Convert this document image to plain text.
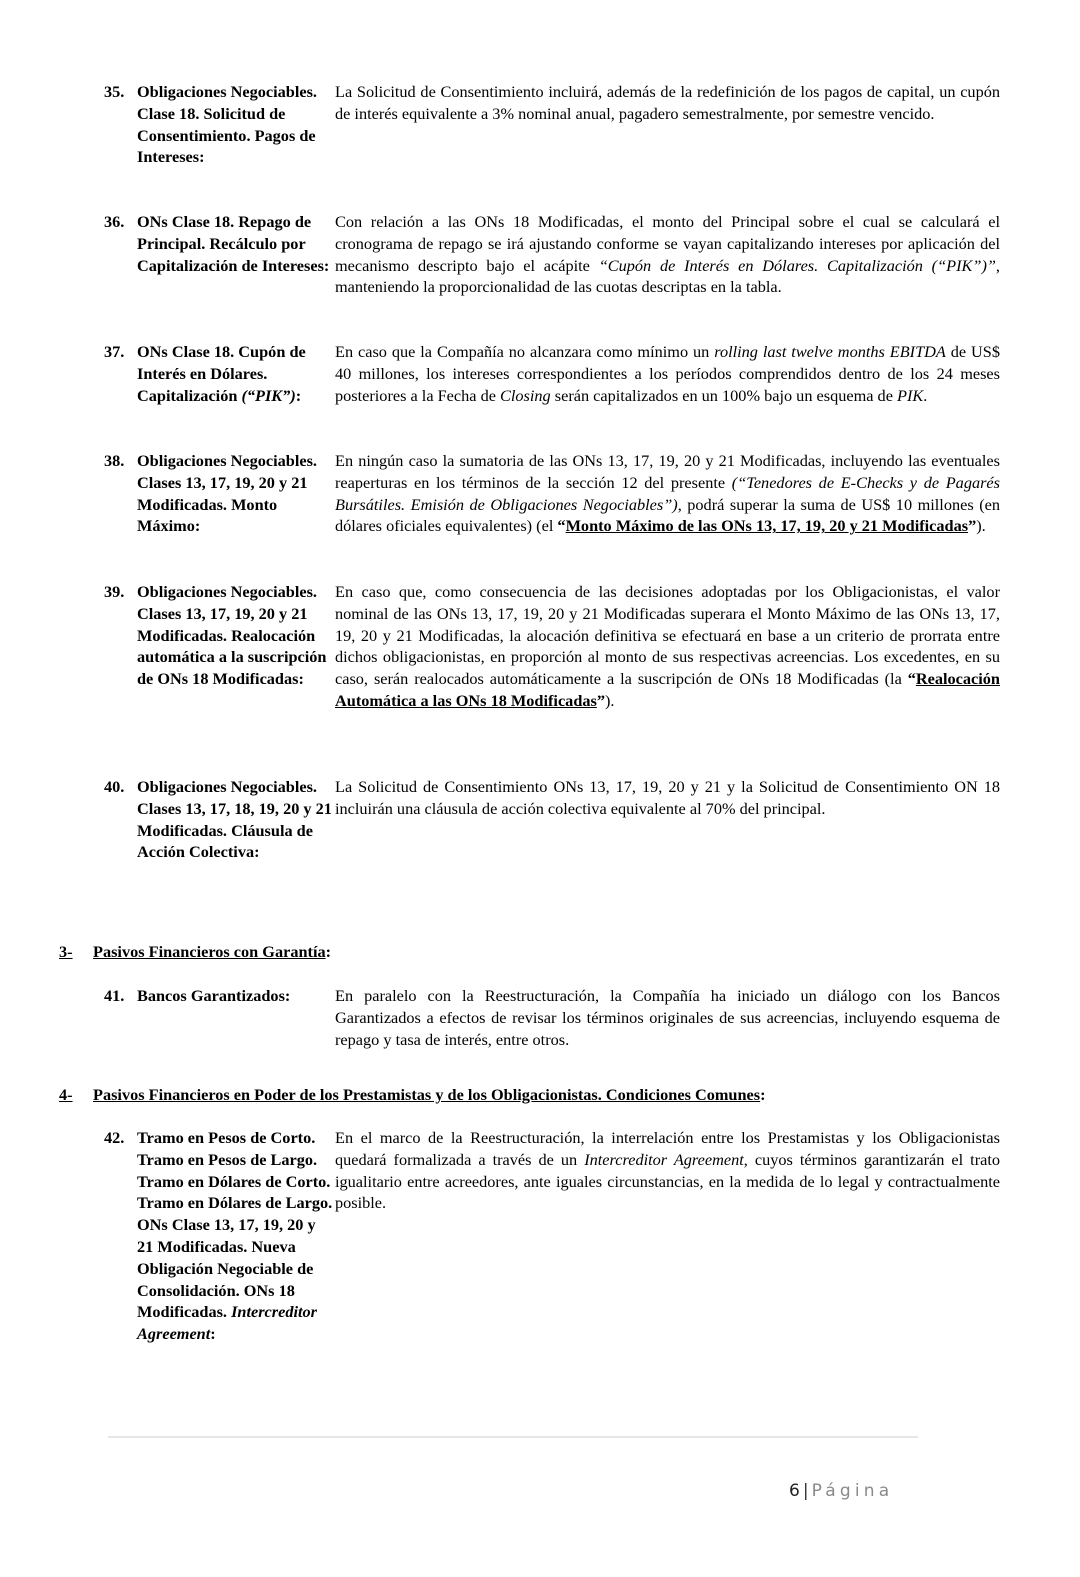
35. Obligaciones Negociables. Clase 18. Solicitud de Consentimiento. Pagos de Intereses:
La Solicitud de Consentimiento incluirá, además de la redefinición de los pagos de capital, un cupón de interés equivalente a 3% nominal anual, pagadero semestralmente, por semestre vencido.
36. ONs Clase 18. Repago de Principal. Recálculo por Capitalización de Intereses:
Con relación a las ONs 18 Modificadas, el monto del Principal sobre el cual se calculará el cronograma de repago se irá ajustando conforme se vayan capitalizando intereses por aplicación del mecanismo descripto bajo el acápite “Cupón de Interés en Dólares. Capitalización (“PIK”)”, manteniendo la proporcionalidad de las cuotas descriptas en la tabla.
37. ONs Clase 18. Cupón de Interés en Dólares. Capitalización (“PIK”):
En caso que la Compañía no alcanzara como mínimo un rolling last twelve months EBITDA de US$ 40 millones, los intereses correspondientes a los períodos comprendidos dentro de los 24 meses posteriores a la Fecha de Closing serán capitalizados en un 100% bajo un esquema de PIK.
38. Obligaciones Negociables. Clases 13, 17, 19, 20 y 21 Modificadas. Monto Máximo:
En ningún caso la sumatoria de las ONs 13, 17, 19, 20 y 21 Modificadas, incluyendo las eventuales reaperturas en los términos de la sección 12 del presente (“Tenedores de E-Checks y de Pagarés Bursátiles. Emisión de Obligaciones Negociables”), podrá superar la suma de US$ 10 millones (en dólares oficiales equivalentes) (el “Monto Máximo de las ONs 13, 17, 19, 20 y 21 Modificadas”).
39. Obligaciones Negociables. Clases 13, 17, 19, 20 y 21 Modificadas. Realocación automática a la suscripción de ONs 18 Modificadas:
En caso que, como consecuencia de las decisiones adoptadas por los Obligacionistas, el valor nominal de las ONs 13, 17, 19, 20 y 21 Modificadas superara el Monto Máximo de las ONs 13, 17, 19, 20 y 21 Modificadas, la alocación definitiva se efectuará en base a un criterio de prorrata entre dichos obligacionistas, en proporción al monto de sus respectivas acreencias. Los excedentes, en su caso, serán realocados automáticamente a la suscripción de ONs 18 Modificadas (la “Realocación Automática a las ONs 18 Modificadas”).
40. Obligaciones Negociables. Clases 13, 17, 18, 19, 20 y 21 Modificadas. Cláusula de Acción Colectiva:
La Solicitud de Consentimiento ONs 13, 17, 19, 20 y 21 y la Solicitud de Consentimiento ON 18 incluirán una cláusula de acción colectiva equivalente al 70% del principal.
3- Pasivos Financieros con Garantía:
41. Bancos Garantizados:	En paralelo con la Reestructuración, la Compañía ha iniciado un diálogo con los Bancos Garantizados a efectos de revisar los términos originales de sus acreencias, incluyendo esquema de repago y tasa de interés, entre otros.
4- Pasivos Financieros en Poder de los Prestamistas y de los Obligacionistas. Condiciones Comunes:
42. Tramo en Pesos de Corto. Tramo en Pesos de Largo. Tramo en Dólares de Corto. Tramo en Dólares de Largo. ONs Clase 13, 17, 19, 20 y 21 Modificadas. Nueva Obligación Negociable de Consolidación. ONs 18 Modificadas. Intercreditor Agreement:
En el marco de la Reestructuración, la interrelación entre los Prestamistas y los Obligacionistas quedará formalizada a través de un Intercreditor Agreement, cuyos términos garantizarán el trato igualitario entre acreedores, ante iguales circunstancias, en la medida de lo legal y contractualmente posible.
6 | Página
